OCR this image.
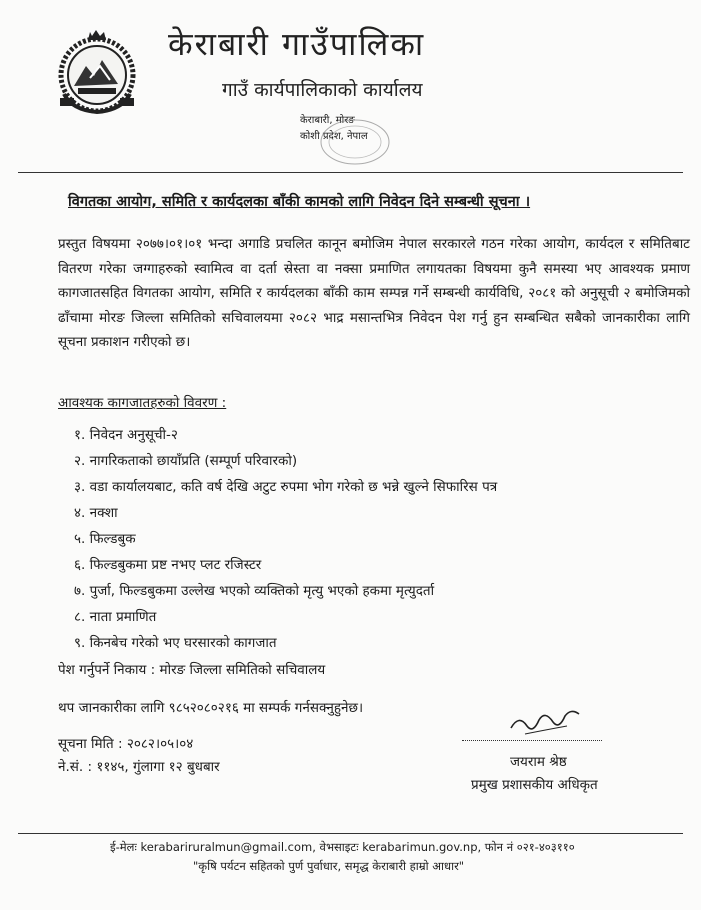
केराबारी गाउँपालिका
गाउँ कार्यपालिकाको कार्यालय
केराबारी, मोरङ
कोशी प्रदेश, नेपाल
विगतका आयोग, समिति र कार्यदलका बाँकी कामको लागि निवेदन दिने सम्बन्धी सूचना ।
प्रस्तुत विषयमा २०७७।०१।०१ भन्दा अगाडि प्रचलित कानून बमोजिम नेपाल सरकारले गठन गरेका आयोग, कार्यदल र समितिबाट वितरण गरेका जग्गाहरुको स्वामित्व वा दर्ता स्रेस्ता वा नक्सा प्रमाणित लगायतका विषयमा कुनै समस्या भए आवश्यक प्रमाण कागजातसहित विगतका आयोग, समिति र कार्यदलका बाँकी काम सम्पन्न गर्ने सम्बन्धी कार्यविधि, २०८१ को अनुसूची २ बमोजिमको ढाँचामा मोरङ जिल्ला समितिको सचिवालयमा २०८२ भाद्र मसान्तभित्र निवेदन पेश गर्नु हुन सम्बन्धित सबैको जानकारीका लागि सूचना प्रकाशन गरीएको छ।
आवश्यक कागजातहरुको विवरण :
१. निवेदन अनुसूची-२
२. नागरिकताको छायाँप्रति (सम्पूर्ण परिवारको)
३. वडा कार्यालयबाट, कति वर्ष देखि अटुट रुपमा भोग गरेको छ भन्ने खुल्ने सिफारिस पत्र
४. नक्शा
५. फिल्डबुक
६. फिल्डबुकमा प्रष्ट नभए प्लट रजिस्टर
७. पुर्जा, फिल्डबुकमा उल्लेख भएको व्यक्तिको मृत्यु भएको हकमा मृत्युदर्ता
८. नाता प्रमाणित
९. किनबेच गरेको भए घरसारको कागजात
पेश गर्नुपर्ने निकाय : मोरङ जिल्ला समितिको सचिवालय
थप जानकारीका लागि ९८५२०८०२१६ मा सम्पर्क गर्नसक्नुहुनेछ।
सूचना मिति : २०८२।०५।०४
ने.सं. : ११४५, गुंलागा १२ बुधबार	जयराम श्रेष्ठ
प्रमुख प्रशासकीय अधिकृत
ई-मेलः kerabariruralmun@gmail.com, वेभसाइटः kerabarimun.gov.np, फोन नं ०२१-४०३११०
"कृषि पर्यटन सहितको पुर्ण पुर्वाधार, समृद्ध केराबारी हाम्रो आधार"
